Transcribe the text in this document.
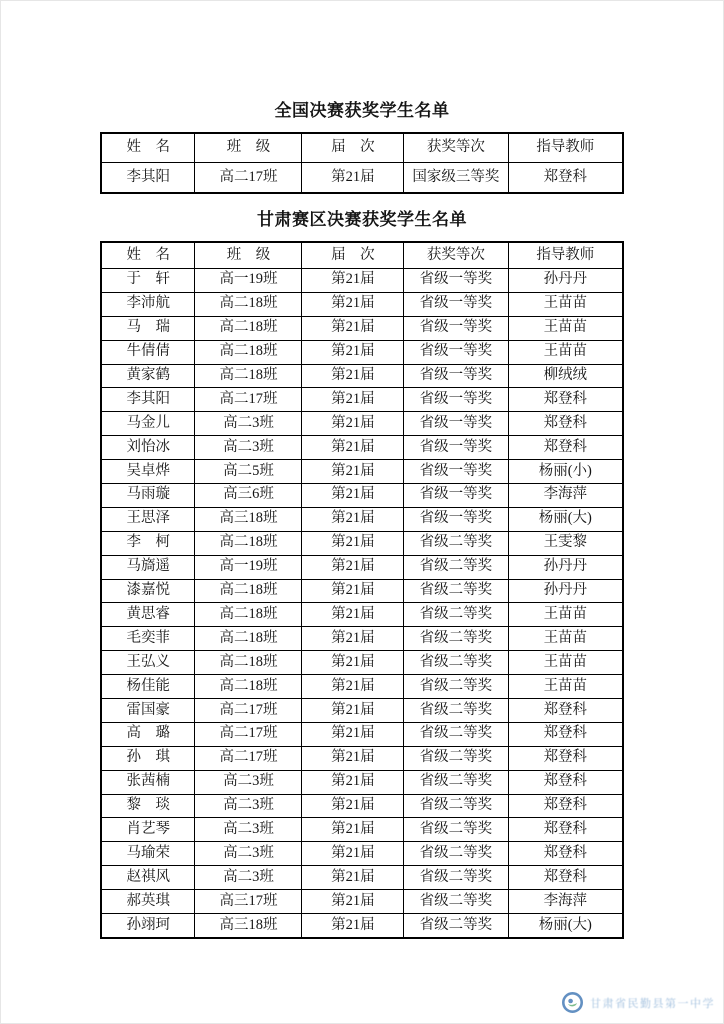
全国决赛获奖学生名单
姓　名	班　级	届　次	获奖等次	指导教师
李其阳	高二17班	第21届	国家级三等奖	郑登科
甘肃赛区决赛获奖学生名单
姓　名	班　级	届　次	获奖等次	指导教师
于　轩	高一19班	第21届	省级一等奖	孙丹丹
李沛航	高二18班	第21届	省级一等奖	王苗苗
马　瑞	高二18班	第21届	省级一等奖	王苗苗
牛倩倩	高二18班	第21届	省级一等奖	王苗苗
黄家鹤	高二18班	第21届	省级一等奖	柳绒绒
李其阳	高二17班	第21届	省级一等奖	郑登科
马金儿	高二3班	第21届	省级一等奖	郑登科
刘怡冰	高二3班	第21届	省级一等奖	郑登科
吴卓烨	高二5班	第21届	省级一等奖	杨丽(小)
马雨璇	高三6班	第21届	省级一等奖	李海萍
王思泽	高三18班	第21届	省级一等奖	杨丽(大)
李　柯	高二18班	第21届	省级二等奖	王雯黎
马旖遥	高一19班	第21届	省级二等奖	孙丹丹
漆嘉悦	高二18班	第21届	省级二等奖	孙丹丹
黄思睿	高二18班	第21届	省级二等奖	王苗苗
毛奕菲	高二18班	第21届	省级二等奖	王苗苗
王弘义	高二18班	第21届	省级二等奖	王苗苗
杨佳能	高二18班	第21届	省级二等奖	王苗苗
雷国豪	高二17班	第21届	省级二等奖	郑登科
高　璐	高二17班	第21届	省级二等奖	郑登科
孙　琪	高二17班	第21届	省级二等奖	郑登科
张茜楠	高二3班	第21届	省级二等奖	郑登科
黎　琰	高二3班	第21届	省级二等奖	郑登科
肖艺琴	高二3班	第21届	省级二等奖	郑登科
马瑜荣	高二3班	第21届	省级二等奖	郑登科
赵祺风	高二3班	第21届	省级二等奖	郑登科
郝英琪	高三17班	第21届	省级二等奖	李海萍
孙翊珂	高三18班	第21届	省级二等奖	杨丽(大)
甘肃省民勤县第一中学
